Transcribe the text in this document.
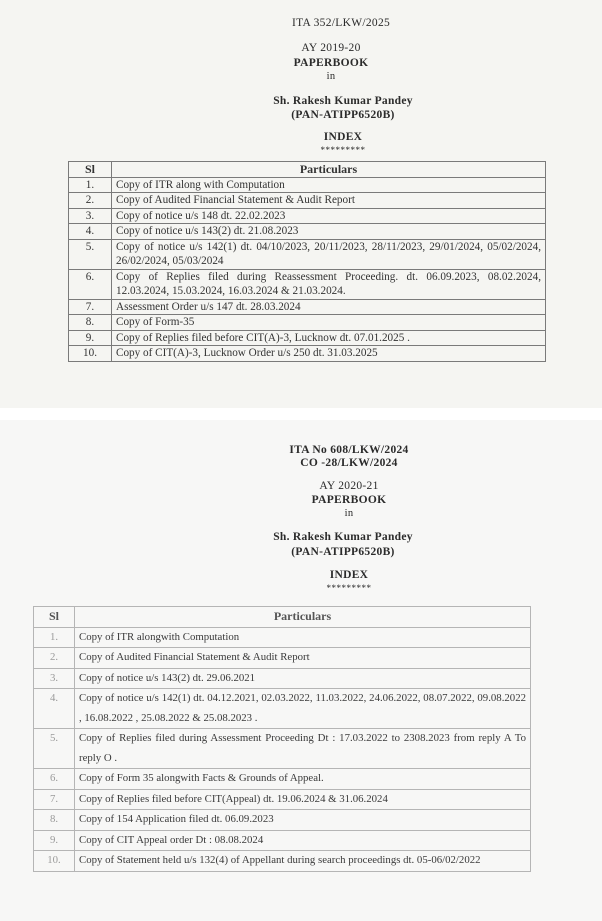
ITA 352/LKW/2025
AY 2019-20
PAPERBOOK
in
Sh. Rakesh Kumar Pandey
(PAN-ATIPP6520B)
INDEX
*********
Sl	Particulars
1.	Copy of ITR along with Computation
2.	Copy of Audited Financial Statement & Audit Report
3.	Copy of notice u/s 148 dt. 22.02.2023
4.	Copy of notice u/s 143(2) dt. 21.08.2023
5.	Copy of notice u/s 142(1) dt. 04/10/2023, 20/11/2023, 28/11/2023, 29/01/2024, 05/02/2024, 26/02/2024, 05/03/2024
6.	Copy of Replies filed during Reassessment Proceeding. dt. 06.09.2023, 08.02.2024, 12.03.2024, 15.03.2024, 16.03.2024 & 21.03.2024.
7.	Assessment Order u/s 147 dt. 28.03.2024
8.	Copy of Form-35
9.	Copy of Replies filed before CIT(A)-3, Lucknow dt. 07.01.2025 .
10.	Copy of CIT(A)-3, Lucknow Order u/s 250 dt. 31.03.2025
ITA No 608/LKW/2024
CO -28/LKW/2024
AY 2020-21
PAPERBOOK
in
Sh. Rakesh Kumar Pandey
(PAN-ATIPP6520B)
INDEX
*********
Sl	Particulars
1.	Copy of ITR alongwith Computation
2.	Copy of Audited Financial Statement & Audit Report
3.	Copy of notice u/s 143(2) dt. 29.06.2021
4.	Copy of notice u/s 142(1) dt. 04.12.2021, 02.03.2022, 11.03.2022, 24.06.2022, 08.07.2022, 09.08.2022 , 16.08.2022 , 25.08.2022 & 25.08.2023 .
5.	Copy of Replies filed during Assessment Proceeding Dt : 17.03.2022 to 2308.2023 from reply A To reply O .
6.	Copy of Form 35 alongwith Facts & Grounds of Appeal.
7.	Copy of Replies filed before CIT(Appeal) dt. 19.06.2024 & 31.06.2024
8.	Copy of 154 Application filed dt. 06.09.2023
9.	Copy of CIT Appeal order Dt : 08.08.2024
10.	Copy of Statement held u/s 132(4) of Appellant during search proceedings dt. 05-06/02/2022
